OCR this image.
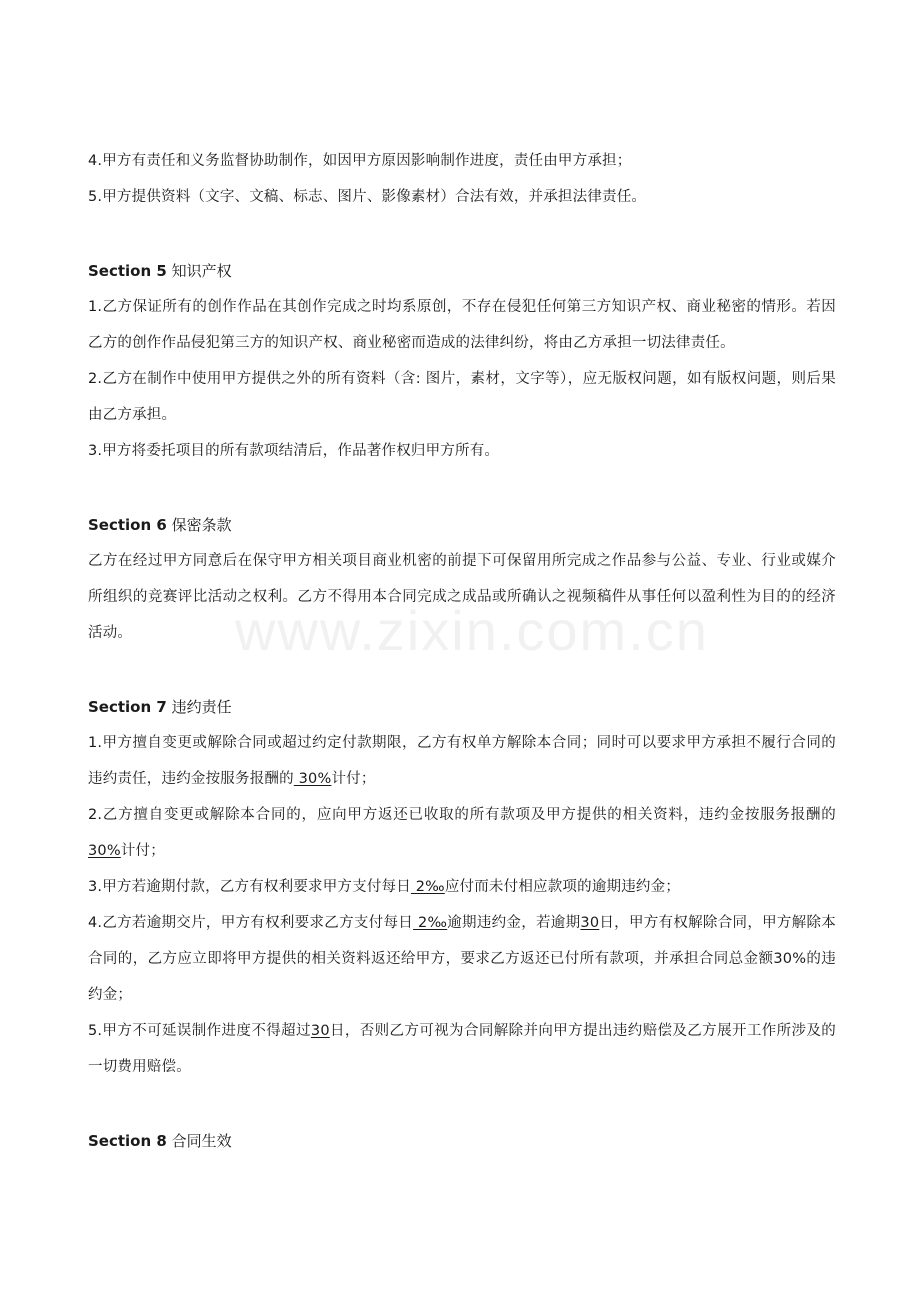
www.zixin.com.cn

4.甲方有责任和义务监督协助制作，如因甲方原因影响制作进度，责任由甲方承担；

5.甲方提供资料（文字、文稿、标志、图片、影像素材）合法有效，并承担法律责任。

Section 5 知识产权

1.乙方保证所有的创作作品在其创作完成之时均系原创，不存在侵犯任何第三方知识产权、商业秘密的情形。若因乙方的创作作品侵犯第三方的知识产权、商业秘密而造成的法律纠纷，将由乙方承担一切法律责任。

2.乙方在制作中使用甲方提供之外的所有资料（含: 图片，素材，文字等），应无版权问题，如有版权问题，则后果由乙方承担。

3.甲方将委托项目的所有款项结清后，作品著作权归甲方所有。

Section 6 保密条款

乙方在经过甲方同意后在保守甲方相关项目商业机密的前提下可保留用所完成之作品参与公益、专业、行业或媒介所组织的竞赛评比活动之权利。乙方不得用本合同完成之成品或所确认之视频稿件从事任何以盈利性为目的的经济活动。

Section 7 违约责任

1.甲方擅自变更或解除合同或超过约定付款期限，乙方有权单方解除本合同；同时可以要求甲方承担不履行合同的违约责任，违约金按服务报酬的 30%计付；

2.乙方擅自变更或解除本合同的，应向甲方返还已收取的所有款项及甲方提供的相关资料，违约金按服务报酬的 30%计付；

3.甲方若逾期付款，乙方有权利要求甲方支付每日 2‰应付而未付相应款项的逾期违约金；

4.乙方若逾期交片，甲方有权利要求乙方支付每日 2‰逾期违约金，若逾期30日，甲方有权解除合同，甲方解除本合同的，乙方应立即将甲方提供的相关资料返还给甲方，要求乙方返还已付所有款项，并承担合同总金额30%的违约金；

5.甲方不可延误制作进度不得超过30日，否则乙方可视为合同解除并向甲方提出违约赔偿及乙方展开工作所涉及的一切费用赔偿。

Section 8 合同生效
